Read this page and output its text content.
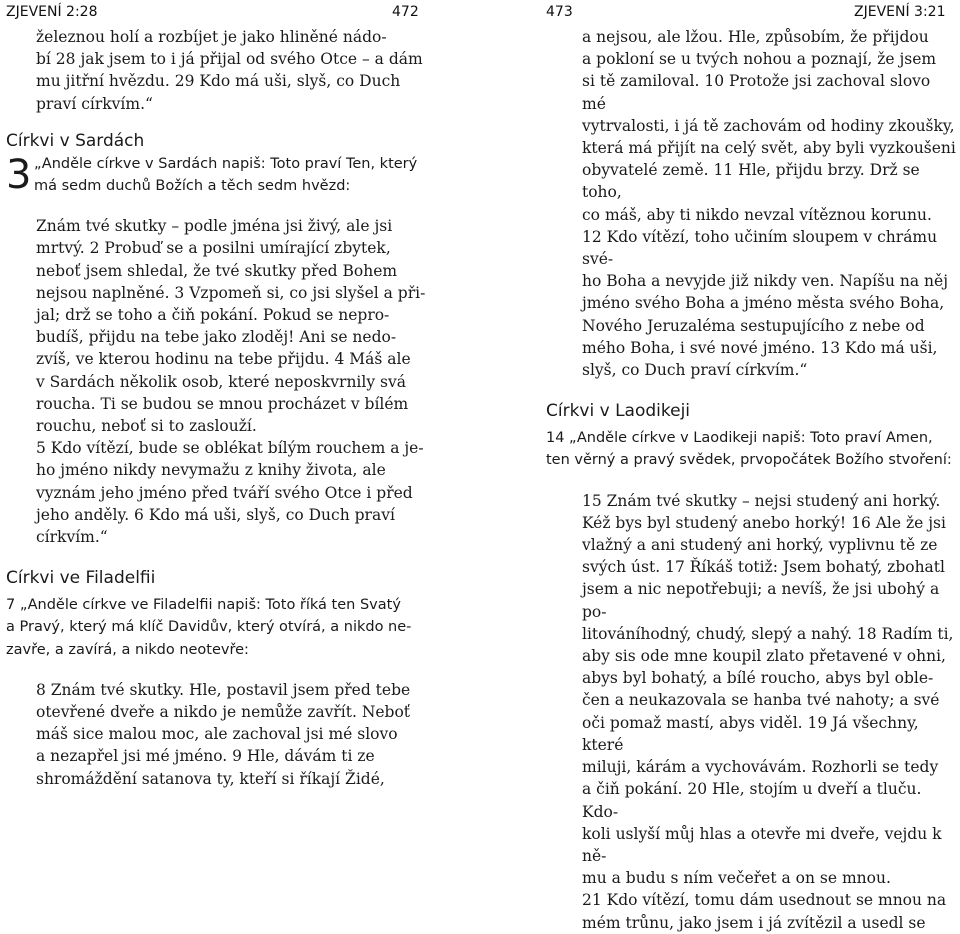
ZJEVENÍ 2:28	472	473	ZJEVENÍ 3:21
železnou holí a rozbíjet je jako hliněné nádo-
bí 28 jak jsem to i já přijal od svého Otce – a dám
mu jitřní hvězdu. 29 Kdo má uši, slyš, co Duch
praví církvím.“
Církvi v Sardách
3 „Anděle církve v Sardách napiš: Toto praví Ten, který
má sedm duchů Božích a těch sedm hvězd:
Znám tvé skutky – podle jména jsi živý, ale jsi
mrtvý. 2 Probuď se a posilni umírající zbytek,
neboť jsem shledal, že tvé skutky před Bohem
nejsou naplněné. 3 Vzpomeň si, co jsi slyšel a při-
jal; drž se toho a čiň pokání. Pokud se nepro-
budíš, přijdu na tebe jako zloděj! Ani se nedo-
zvíš, ve kterou hodinu na tebe přijdu. 4 Máš ale
v Sardách několik osob, které neposkvrnily svá
roucha. Ti se budou se mnou procházet v bílém
rouchu, neboť si to zaslouží.
5 Kdo vítězí, bude se oblékat bílým rouchem a je-
ho jméno nikdy nevymažu z knihy života, ale
vyznám jeho jméno před tváří svého Otce i před
jeho anděly. 6 Kdo má uši, slyš, co Duch praví
církvím.“
Církvi ve Filadelfii
7 „Anděle církve ve Filadelfii napiš: Toto říká ten Svatý
a Pravý, který má klíč Davidův, který otvírá, a nikdo ne-
zavře, a zavírá, a nikdo neotevře:
8 Znám tvé skutky. Hle, postavil jsem před tebe
otevřené dveře a nikdo je nemůže zavřít. Neboť
máš sice malou moc, ale zachoval jsi mé slovo
a nezapřel jsi mé jméno. 9 Hle, dávám ti ze
shromáždění satanova ty, kteří si říkají Židé,
a nejsou, ale lžou. Hle, způsobím, že přijdou
a pokloní se u tvých nohou a poznají, že jsem
si tě zamiloval. 10 Protože jsi zachoval slovo mé
vytrvalosti, i já tě zachovám od hodiny zkoušky,
která má přijít na celý svět, aby byli vyzkoušeni
obyvatelé země. 11 Hle, přijdu brzy. Drž se toho,
co máš, aby ti nikdo nevzal vítěznou korunu.
12 Kdo vítězí, toho učiním sloupem v chrámu své-
ho Boha a nevyjde již nikdy ven. Napíšu na něj
jméno svého Boha a jméno města svého Boha,
Nového Jeruzaléma sestupujícího z nebe od
mého Boha, i své nové jméno. 13 Kdo má uši,
slyš, co Duch praví církvím.“
Církvi v Laodikeji
14 „Anděle církve v Laodikeji napiš: Toto praví Amen,
ten věrný a pravý svědek, prvopočátek Božího stvoření:
15 Znám tvé skutky – nejsi studený ani horký.
Kéž bys byl studený anebo horký! 16 Ale že jsi
vlažný a ani studený ani horký, vyplivnu tě ze
svých úst. 17 Říkáš totiž: Jsem bohatý, zbohatl
jsem a nic nepotřebuji; a nevíš, že jsi ubohý a po-
litováníhodný, chudý, slepý a nahý. 18 Radím ti,
aby sis ode mne koupil zlato přetavené v ohni,
abys byl bohatý, a bílé roucho, abys byl oble-
čen a neukazovala se hanba tvé nahoty; a své
oči pomaž mastí, abys viděl. 19 Já všechny, které
miluji, kárám a vychovávám. Rozhorli se tedy
a čiň pokání. 20 Hle, stojím u dveří a tluču. Kdo-
koli uslyší můj hlas a otevře mi dveře, vejdu k ně-
mu a budu s ním večeřet a on se mnou.
21 Kdo vítězí, tomu dám usednout se mnou na
mém trůnu, jako jsem i já zvítězil a usedl se
